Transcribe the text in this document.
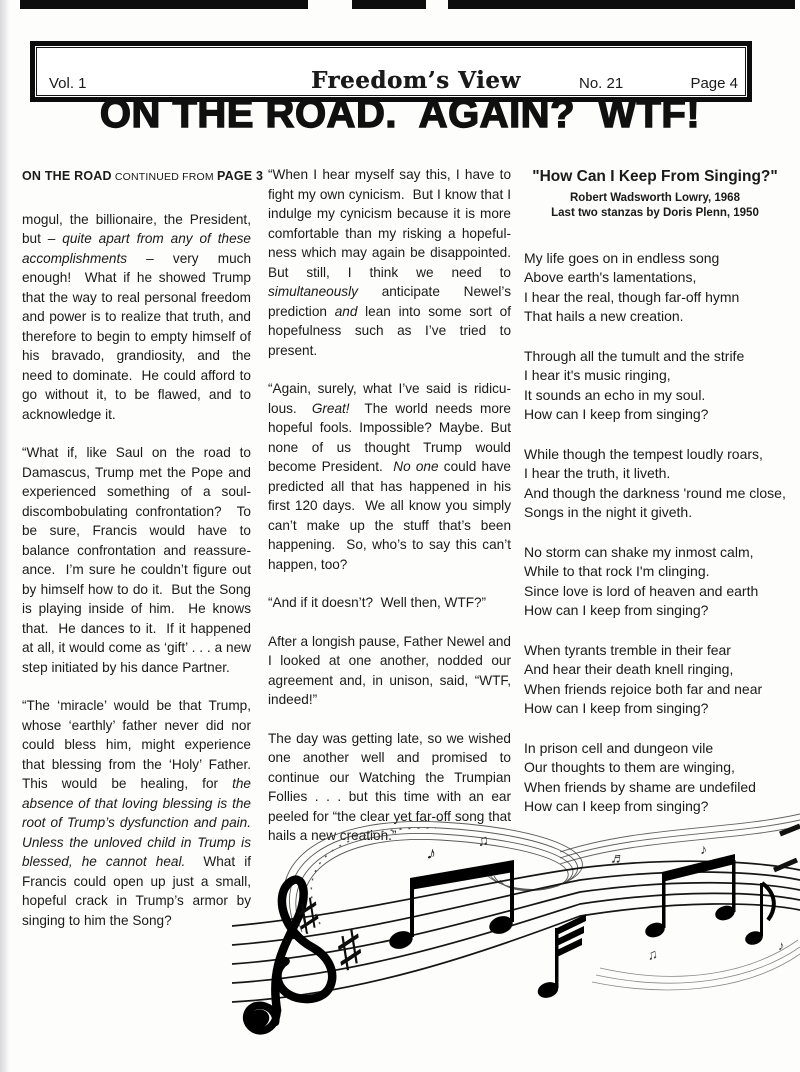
Vol. 1	Freedom’s View	No. 21	Page 4
ON THE ROAD.  AGAIN?  WTF!

ON THE ROAD CONTINUED FROM PAGE 3

mogul, the billionaire, the President, but – quite apart from any of these accomplishments – very much enough!  What if he showed Trump that the way to real personal freedom and power is to realize that truth, and therefore to begin to empty himself of his bravado, grandiosity, and the need to dominate.  He could afford to go without it, to be flawed, and to acknowledge it.

“What if, like Saul on the road to Damascus, Trump met the Pope and experienced something of a soul-discombobulating confrontation?  To be sure, Francis would have to balance confrontation and reassure-ance.  I’m sure he couldn’t figure out by himself how to do it.  But the Song is playing inside of him.  He knows that.  He dances to it.  If it happened at all, it would come as ‘gift’ . . . a new step initiated by his dance Partner.

“The ‘miracle’ would be that Trump, whose ‘earthly’ father never did nor could bless him, might experience that blessing from the ‘Holy’ Father.  This would be healing, for the absence of that loving blessing is the root of Trump’s dysfunction and pain.  Unless the unloved child in Trump is blessed, he cannot heal.  What if Francis could open up just a small, hopeful crack in Trump’s armor by singing to him the Song?

“When I hear myself say this, I have to fight my own cynicism.  But I know that I indulge my cynicism because it is more comfortable than my risking a hopeful-ness which may again be disappointed.  But still, I think we need to simultaneously anticipate Newel’s prediction and lean into some sort of hopefulness such as I’ve tried to present.

“Again, surely, what I’ve said is ridicu-lous.  Great!  The world needs more hopeful fools. Impossible? Maybe. But none of us thought Trump would become President.  No one could have predicted all that has happened in his first 120 days.  We all know you simply can’t make up the stuff that’s been happening.  So, who’s to say this can’t happen, too?

“And if it doesn’t?  Well then, WTF?”

After a longish pause, Father Newel and I looked at one another, nodded our agreement and, in unison, said, “WTF, indeed!”

The day was getting late, so we wished one another well and promised to continue our Watching the Trumpian Follies . . . but this time with an ear peeled for “the clear yet far-off song that hails a new creation.”

"How Can I Keep From Singing?"
Robert Wadsworth Lowry, 1968
Last two stanzas by Doris Plenn, 1950
My life goes on in endless song
Above earth's lamentations,
I hear the real, though far-off hymn
That hails a new creation.
Through all the tumult and the strife
I hear it's music ringing,
It sounds an echo in my soul.
How can I keep from singing?
While though the tempest loudly roars,
I hear the truth, it liveth.
And though the darkness 'round me close,
Songs in the night it giveth.
No storm can shake my inmost calm,
While to that rock I'm clinging.
Since love is lord of heaven and earth
How can I keep from singing?
When tyrants tremble in their fear
And hear their death knell ringing,
When friends rejoice both far and near
How can I keep from singing?
In prison cell and dungeon vile
Our thoughts to them are winging,
When friends by shame are undefiled
How can I keep from singing?
♯
♯
♪
♫
♬
♪
♫	♪
